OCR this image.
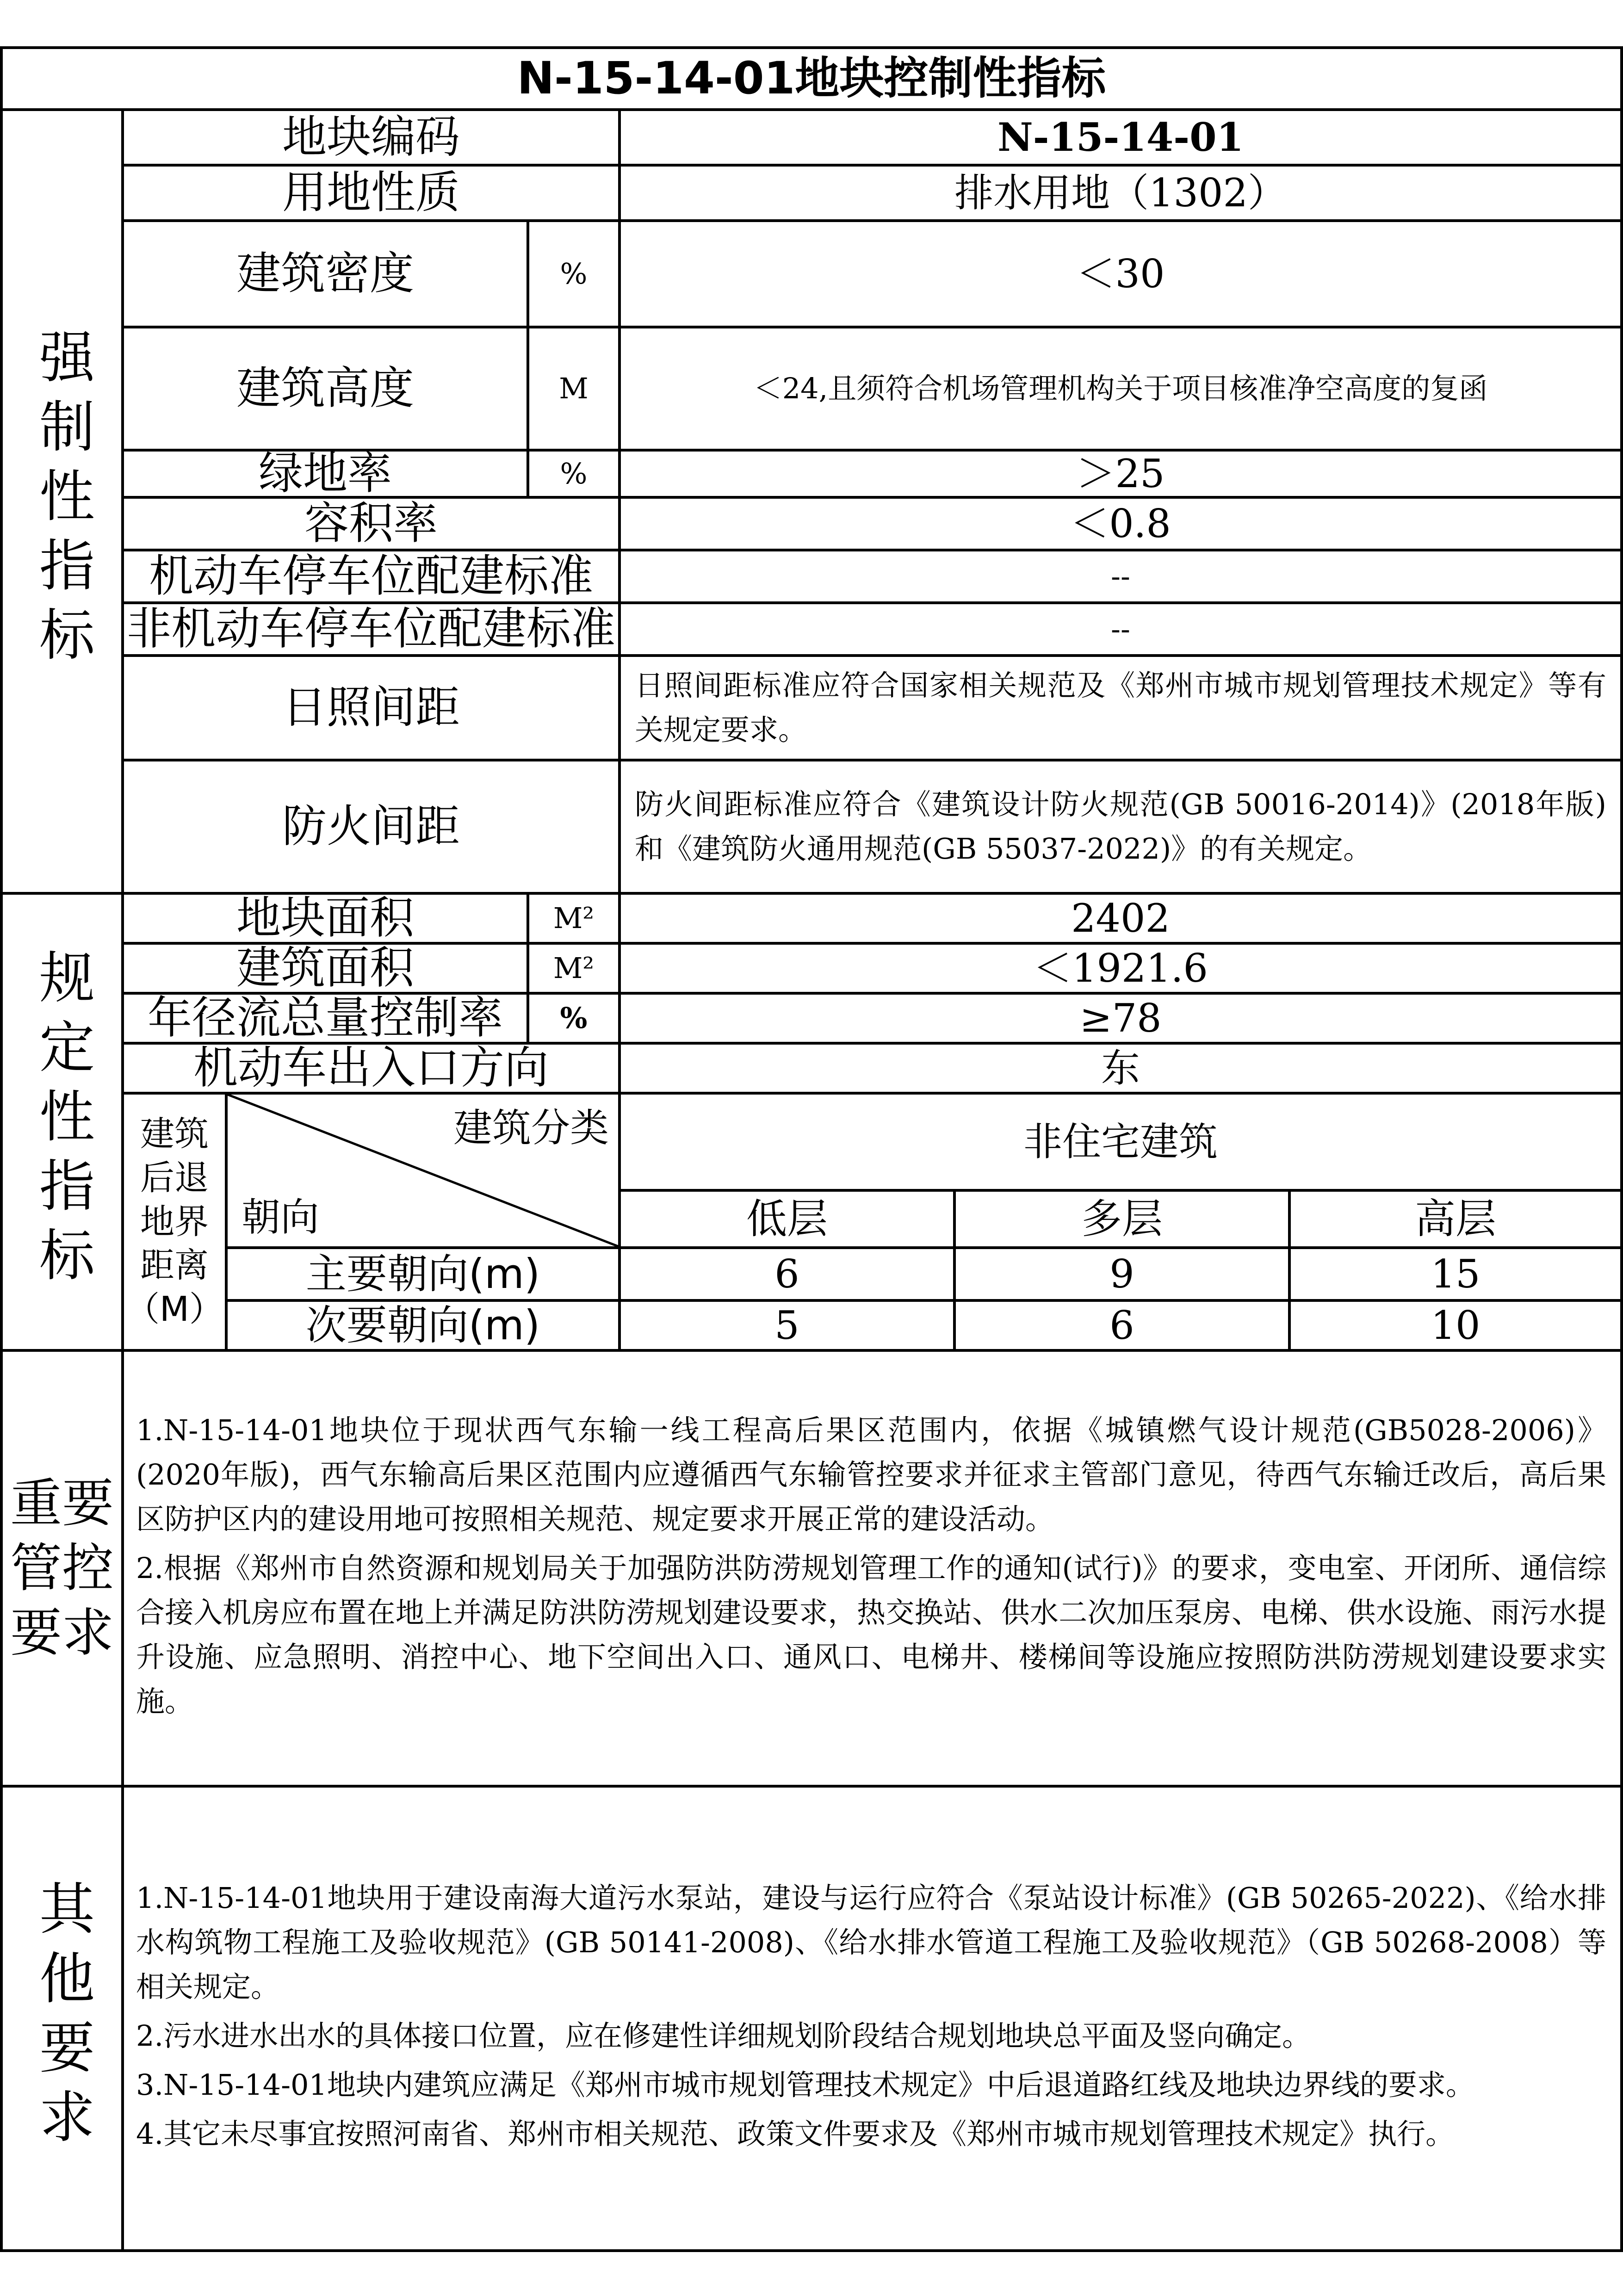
N-15-14-01地块控制性指标
强制性指标
地块编码	N-15-14-01
用地性质	排水用地（1302）
建筑密度	%	＜30
建筑高度	M	＜24,且须符合机场管理机构关于项目核准净空高度的复函
绿地率	%	＞25
容积率	＜0.8
机动车停车位配建标准	--
非机动车停车位配建标准	--
日照间距	日照间距标准应符合国家相关规范及《郑州市城市规划管理技术规定》等有关规定要求。
防火间距	防火间距标准应符合《建筑设计防火规范(GB 50016-2014)》(2018年版)和《建筑防火通用规范(GB 55037-2022)》的有关规定。
规定性指标
地块面积	M²	2402
建筑面积	M²	＜1921.6
年径流总量控制率	%	≥78
机动车出入口方向	东
建筑
后退
地界
距离
（M）
建筑分类
朝向
非住宅建筑
低层	多层	高层
主要朝向(m)	6	9	15
次要朝向(m)	5	6	10
重要管控要求

1.N-15-14-01地块位于现状西气东输一线工程高后果区范围内，依据《城镇燃气设计规范(GB5028-2006)》(2020年版)，西气东输高后果区范围内应遵循西气东输管控要求并征求主管部门意见，待西气东输迁改后，高后果区防护区内的建设用地可按照相关规范、规定要求开展正常的建设活动。

2.根据《郑州市自然资源和规划局关于加强防洪防涝规划管理工作的通知(试行)》的要求，变电室、开闭所、通信综合接入机房应布置在地上并满足防洪防涝规划建设要求，热交换站、供水二次加压泵房、电梯、供水设施、雨污水提升设施、应急照明、消控中心、地下空间出入口、通风口、电梯井、楼梯间等设施应按照防洪防涝规划建设要求实施。

其他要求 1.N-15-14-01地块用于建设南海大道污水泵站，建设与运行应符合《泵站设计标准》(GB 50265-2022)、《给水排水构筑物工程施工及验收规范》(GB 50141-2008)、《给水排水管道工程施工及验收规范》（GB 50268-2008）等相关规定。

2.污水进水出水的具体接口位置，应在修建性详细规划阶段结合规划地块总平面及竖向确定。

3.N-15-14-01地块内建筑应满足《郑州市城市规划管理技术规定》中后退道路红线及地块边界线的要求。

4.其它未尽事宜按照河南省、郑州市相关规范、政策文件要求及《郑州市城市规划管理技术规定》执行。
